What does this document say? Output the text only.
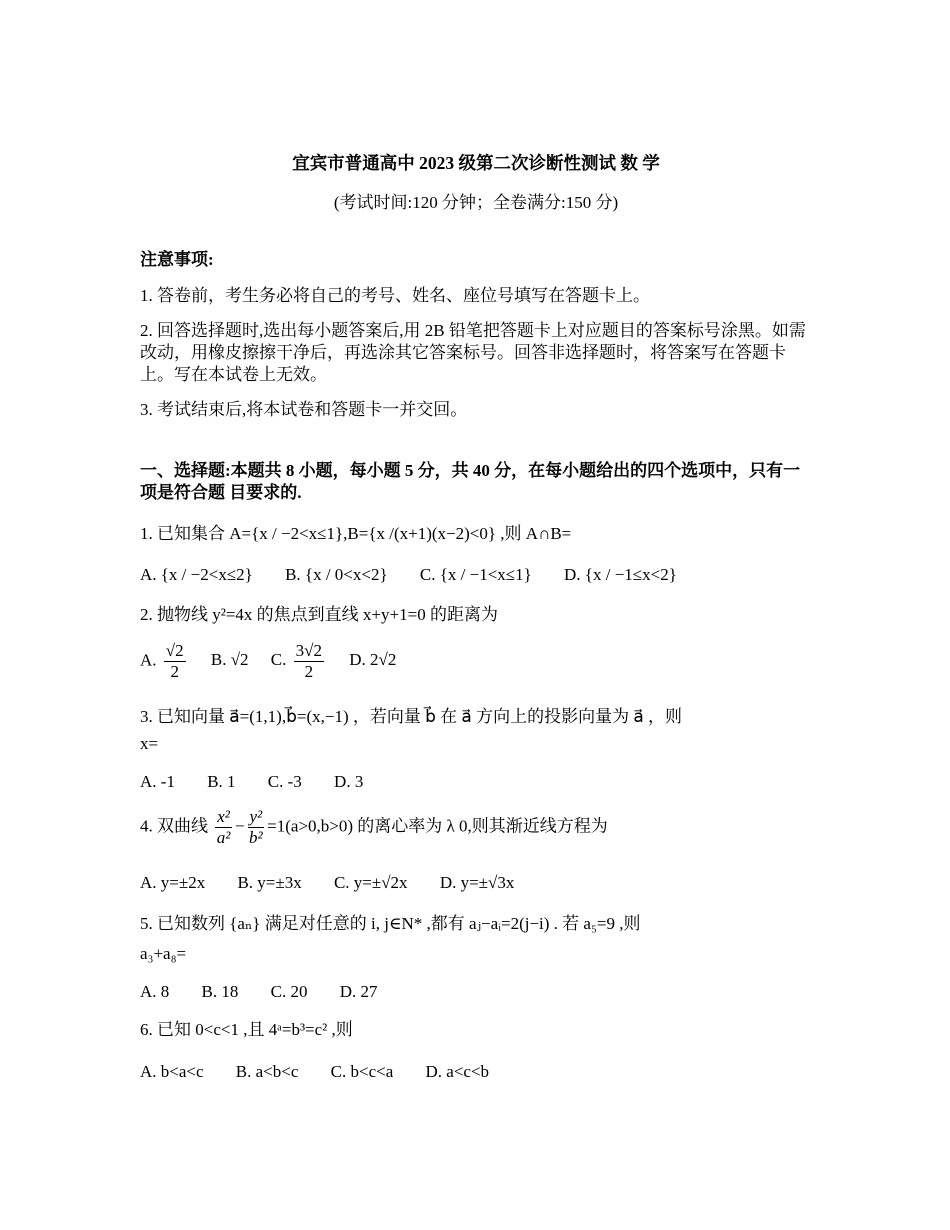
宜宾市普通高中 2023 级第二次诊断性测试 数 学
(考试时间:120 分钟；全卷满分:150 分)
注意事项:
1. 答卷前，考生务必将自己的考号、姓名、座位号填写在答题卡上。
2. 回答选择题时,选出每小题答案后,用 2B 铅笔把答题卡上对应题目的答案标号涂黑。如需改动，用橡皮擦擦干净后，再选涂其它答案标号。回答非选择题时，将答案写在答题卡上。写在本试卷上无效。
3. 考试结束后,将本试卷和答题卡一并交回。
一、选择题:本题共 8 小题，每小题 5 分，共 40 分，在每小题给出的四个选项中，只有一项是符合题 目要求的.
1. 已知集合 A={x / −2<x≤1},B={x /(x+1)(x−2)<0} ,则 A∩B=
A. {x / −2<x≤2} B. {x / 0<x<2} C. {x / −1<x≤1} D. {x / −1≤x<2}
2. 抛物线 y²=4x 的焦点到直线 x+y+1=0 的距离为
A. $\frac{√2}{2} B$. √2 C. $\frac{3√2}{2} D$. 2√2
3. 已知向量 a⃗=(1,1),b⃗=(x,−1) ，若向量 b⃗ 在 a⃗ 方向上的投影向量为 a⃗ ，则
x=
A. -1 B. 1 C. -3 D. 3
4. 双曲线 $\frac{\text{x²}}{\text{a²}} - \frac{\text{y²}}{\text{b²}} =1(a>0,b>0)$ 的离心率为 λ 0,则其渐近线方程为
A. y=±2x B. y=±3x C. y=±√2x D. y=±√3x
5. 已知数列 {aₙ} 满足对任意的 i, j∈N* ,都有 aⱼ−aᵢ=2(j−i) . 若 a₅=9 ,则
a₃+a₈=
A. 8 B. 18 C. 20 D. 27
6. 已知 0<c<1 ,且 4ᵃ=b³=c² ,则
A. b<a<c B. a<b<c C. b<c<a D. a<c<b
